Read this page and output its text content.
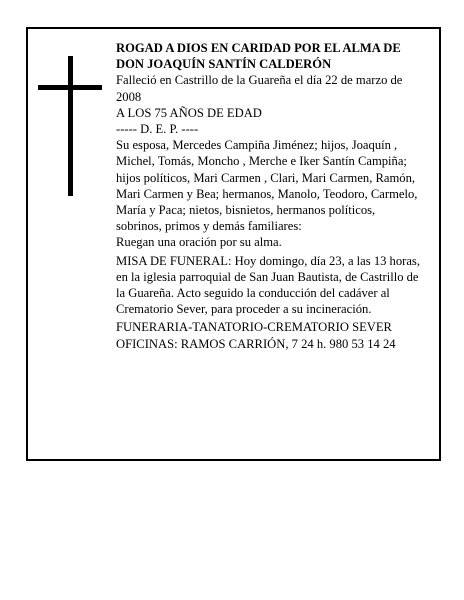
ROGAD A DIOS EN CARIDAD POR EL ALMA DE

DON JOAQUÍN SANTÍN CALDERÓN

Falleció en Castrillo de la Guareña el día 22 de marzo de 2008

A LOS 75 AÑOS DE EDAD

----- D. E. P. ----

Su esposa, Mercedes Campiña Jiménez; hijos, Joaquín , Michel, Tomás, Moncho , Merche e Iker Santín Campiña; hijos políticos, Mari Carmen , Clari, Mari Carmen, Ramón, Mari Carmen y Bea; hermanos, Manolo, Teodoro, Carmelo, María y Paca; nietos, bisnietos, hermanos políticos, sobrinos, primos y demás familiares:

Ruegan una oración por su alma.

MISA DE FUNERAL: Hoy domingo, día 23, a las 13 horas, en la iglesia parroquial de San Juan Bautista, de Castrillo de la Guareña. Acto seguido la conducción del cadáver al Crematorio Sever, para proceder a su incineración.

FUNERARIA-TANATORIO-CREMATORIO SEVER

OFICINAS: RAMOS CARRIÓN, 7 24 h. 980 53 14 24
